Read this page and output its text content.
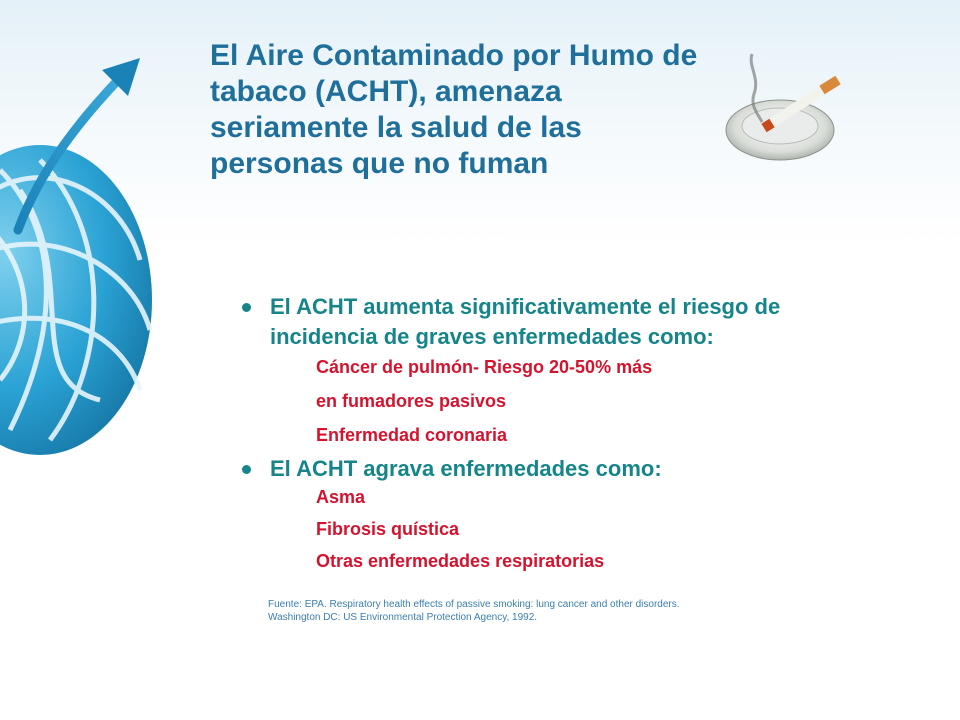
El Aire Contaminado por Humo de tabaco (ACHT), amenaza seriamente la salud de las personas que no fuman
El ACHT aumenta significativamente el riesgo de incidencia de graves enfermedades como:
Cáncer de pulmón- Riesgo 20-50% más
en fumadores pasivos
Enfermedad coronaria
El ACHT agrava enfermedades como:
Asma
Fibrosis quística
Otras enfermedades respiratorias
Fuente: EPA. Respiratory health effects of passive smoking: lung cancer and other disorders.
Washington DC: US Environmental Protection Agency, 1992.
